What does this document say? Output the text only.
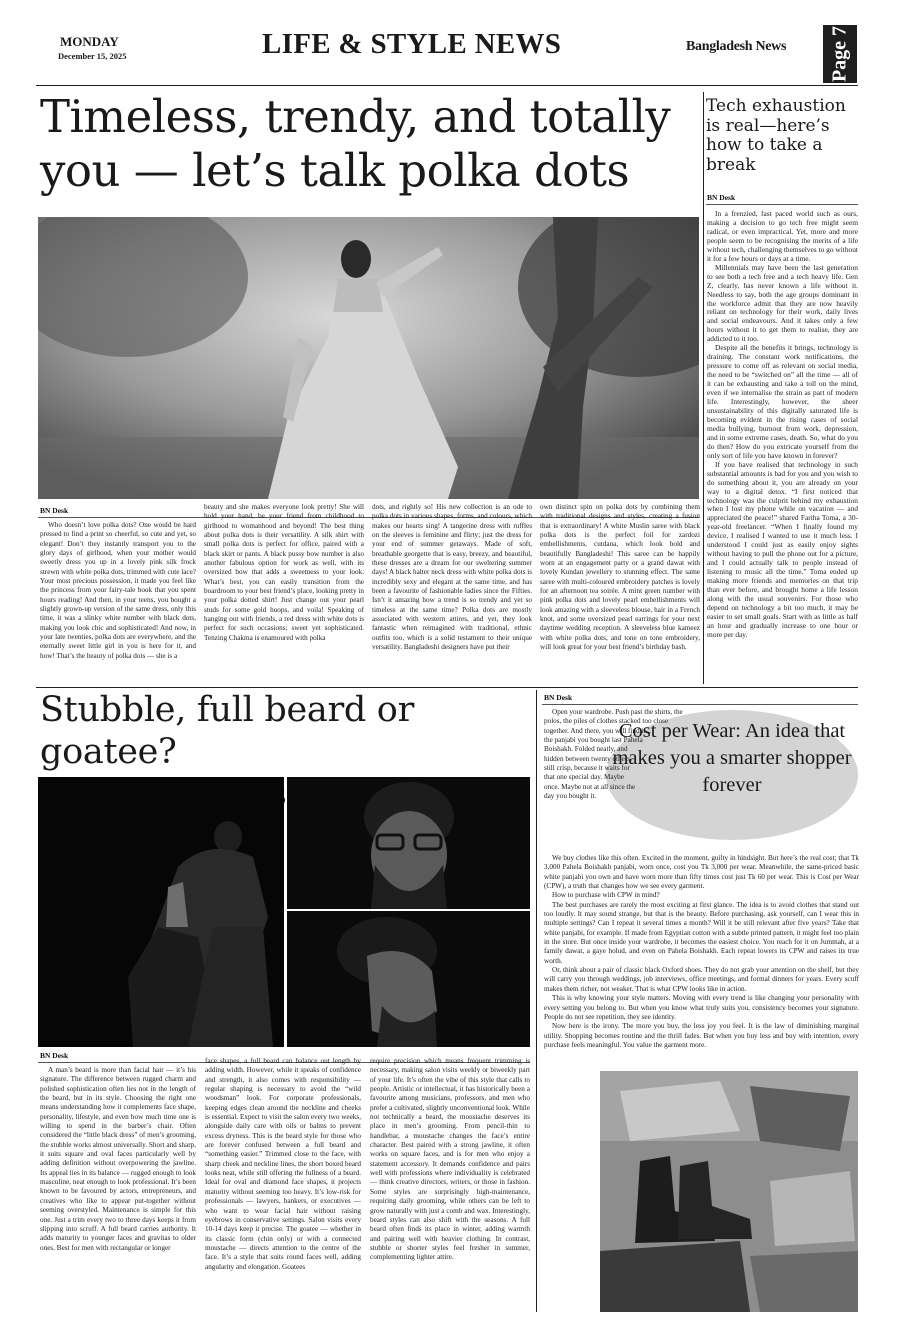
MONDAY
December 15, 2025	LIFE & STYLE NEWS	Bangladesh News Page 7
Timeless, trendy, and totally
you — let’s talk polka dots
BN Desk

Who doesn’t love polka dots? One would be hard pressed to find a print so cheerful, so cute and yet, so elegant! Don’t they instantly transport you to the glory days of girlhood, when your mother would sweetly dress you up in a lovely pink silk frock strewn with white polka dots, trimmed with cute lace? Your most precious possession, it made you feel like the princess from your fairy-tale book that you spent hours reading! And then, in your teens, you bought a slightly grown-up version of the same dress, only this time, it was a slinky white number with black dots, making you look chic and sophisticated! And now, in your late twenties, polka dots are everywhere, and the eternally sweet little girl in you is here for it, and how! That’s the beauty of polka dots — she is a

beauty and she makes everyone look pretty! She will hold your hand, be your friend from childhood to girlhood to womanhood and beyond! The best thing about polka dots is their versatility. A silk shirt with small polka dots is perfect for office, paired with a black skirt or pants. A black pussy bow number is also another fabulous option for work as well, with its oversized bow that adds a sweetness to your look. What’s best, you can easily transition from the boardroom to your best friend’s place, looking pretty in your polka dotted shirt! Just change out your pearl studs for some gold hoops, and voila! Speaking of hanging out with friends, a red dress with white dots is perfect for such occasions; sweet yet sophisticated. Tenzing Chakma is enamoured with polka

dots, and rightly so! His new collection is an ode to polka dots in various shapes, forms, and colours, which makes our hearts sing! A tangerine dress with ruffles on the sleeves is feminine and flirty; just the dress for your end of summer getaways. Made of soft, breathable georgette that is easy, breezy, and beautiful, these dresses are a dream for our sweltering summer days! A black halter neck dress with white polka dots is incredibly sexy and elegant at the same time, and has been a favourite of fashionable ladies since the Fifties. Isn’t it amazing how a trend is so trendy and yet so timeless at the same time? Polka dots are mostly associated with western attires, and yet, they look fantastic when reimagined with traditional, ethnic outfits too, which is a solid testament to their unique versatility. Bangladeshi designers have put their

own distinct spin on polka dots by combining them with traditional designs and styles, creating a fusion that is extraordinary! A white Muslin saree with black polka dots is the perfect foil for zardozi embellishments, cutdana, which look bold and beautifully Bangladeshi! This saree can be happily worn at an engagement party or a grand dawat with lovely Kundan jewellery to stunning effect. The same saree with multi-coloured embroidery patches is lovely for an afternoon tea soirée. A mint green number with pink polka dots and lovely pearl embellishments will look amazing with a sleeveless blouse, hair in a French knot, and some oversized pearl earrings for your next daytime wedding reception. A sleeveless blue kameez with white polka dots, and tone on tone embroidery, will look great for your best friend’s birthday bash.

Tech exhaustion is real—here’s how to take a break
BN Desk

In a frenzied, fast paced world such as ours, making a decision to go tech free might seem radical, or even impractical. Yet, more and more people seem to be recognising the merits of a life without tech, challenging themselves to go without it for a few hours or days at a time.

Millennials may have been the last generation to see both a tech free and a tech heavy life. Gen Z, clearly, has never known a life without it. Needless to say, both the age groups dominant in the workforce admit that they are now heavily reliant on technology for their work, daily lives and social endeavours. And it takes only a few hours without it to get them to realise, they are addicted to it too.

Despite all the benefits it brings, technology is draining. The constant work notifications, the pressure to come off as relevant on social media, the need to be “switched on” all the time — all of it can be exhausting and take a toll on the mind, even if we internalise the strain as part of modern life. Interestingly, however, the sheer unsustainability of this digitally saturated life is becoming evident in the rising cases of social media bullying, burnout from work, depression, and in some extreme cases, death. So, what do you do then? How do you extricate yourself from the only sort of life you have known in forever?

If you have realised that technology in such substantial amounts is bad for you and you wish to do something about it, you are already on your way to a digital detox. “I first noticed that technology was the culprit behind my exhaustion when I lost my phone while on vacation — and appreciated the peace!” shared Fariha Toma, a 30-year-old freelancer. “When I finally found my device, I realised I wanted to use it much less. I understood I could just as easily enjoy sights without having to pull the phone out for a picture, and I could actually talk to people instead of listening to music all the time.” Toma ended up making more friends and memories on that trip than ever before, and brought home a life lesson along with the usual souvenirs. For those who depend on technology a bit too much, it may be easier to set small goals. Start with as little as half an hour and gradually increase to one hour or more per day.

Stubble, full beard or goatee?
BN Desk

A man’s beard is more than facial hair — it’s his signature. The difference between rugged charm and polished sophistication often lies not in the length of the beard, but in its style. Choosing the right one means understanding how it complements face shape, personality, lifestyle, and even how much time one is willing to spend in the barber’s chair. Often considered the “little black dress” of men’s grooming, the stubble works almost universally. Short and sharp, it suits square and oval faces particularly well by adding definition without overpowering the jawline. Its appeal lies in its balance — rugged enough to look masculine, neat enough to look professional. It’s been known to be favoured by actors, entrepreneurs, and creatives who like to appear put-together without seeming overstyled. Maintenance is simple for this one. Just a trim every two to three days keeps it from slipping into scruff. A full beard carries authority. It adds maturity to younger faces and gravitas to older ones. Best for men with rectangular or longer

face shapes, a full beard can balance out length by adding width. However, while it speaks of confidence and strength, it also comes with responsibility — regular shaping is necessary to avoid the “wild woodsman” look. For corporate professionals, keeping edges clean around the neckline and cheeks is essential. Expect to visit the salon every two weeks, alongside daily care with oils or balms to prevent excess dryness. This is the beard style for those who are forever confused between a full beard and “something easier.” Trimmed close to the face, with sharp cheek and neckline lines, the short boxed beard looks neat, while still offering the fullness of a beard. Ideal for oval and diamond face shapes, it projects maturity without seeming too heavy. It’s low-risk for professionals — lawyers, bankers, or executives — who want to wear facial hair without raising eyebrows in conservative settings. Salon visits every 10-14 days keep it precise. The goatee — whether in its classic form (chin only) or with a connected moustache — directs attention to the centre of the face. It’s a style that suits round faces well, adding angularity and elongation. Goatees

require precision which means frequent trimming is necessary, making salon visits weekly or biweekly part of your life. It’s often the vibe of this style that calls to people. Artistic or intellectual, it has historically been a favourite among musicians, professors, and men who prefer a cultivated, slightly unconventional look. While not technically a beard, the moustache deserves its place in men’s grooming. From pencil-thin to handlebar, a moustache changes the face’s entire character. Best paired with a strong jawline, it often works on square faces, and is for men who enjoy a statement accessory. It demands confidence and pairs well with professions where individuality is celebrated — think creative directors, writers, or those in fashion. Some styles are surprisingly high-maintenance, requiring daily grooming, while others can be left to grow naturally with just a comb and wax. Interestingly, beard styles can also shift with the seasons. A full beard often finds its place in winter, adding warmth and pairing well with heavier clothing. In contrast, stubble or shorter styles feel fresher in summer, complementing lighter attire.

BN Desk
Cost per Wear: An idea that makes you a smarter shopper forever

Open your wardrobe. Push past the shirts, the polos, the piles of clothes stacked too close together. And there, you will find it... the panjabi you bought last Pahela Boishakh. Folded neatly, and hidden between twenty others, still crisp, because it waits for that one special day. Maybe once. Maybe not at all since the day you bought it.

We buy clothes like this often. Excited in the moment, guilty in hindsight. But here’s the real cost; that Tk 3,000 Pahela Boishakh panjabi, worn once, cost you Tk 3,000 per wear. Meanwhile, the same-priced basic white panjabi you own and have worn more than fifty times cost just Tk 60 per wear. This is Cost per Wear (CPW), a truth that changes how we see every garment.

How to purchase with CPW in mind?

The best purchases are rarely the most exciting at first glance. The idea is to avoid clothes that stand out too loudly. It may sound strange, but that is the beauty. Before purchasing, ask yourself, can I wear this in multiple settings? Can I repeat it several times a month? Will it be still relevant after five years? Take that white panjabi, for example. If made from Egyptian cotton with a subtle printed pattern, it might feel too plain in the store. But once inside your wardrobe, it becomes the easiest choice. You reach for it on Jummah, at a family dawat, a gaye holud, and even on Pahela Boishakh. Each repeat lowers its CPW and raises its true worth.

Or, think about a pair of classic black Oxford shoes. They do not grab your attention on the shelf, but they will carry you through weddings, job interviews, office meetings, and formal dinners for years. Every scuff makes them richer, not weaker. That is what CPW looks like in action.

This is why knowing your style matters. Moving with every trend is like changing your personality with every setting you belong to. But when you know what truly suits you, consistency becomes your signature. People do not see repetition, they see identity.

Now here is the irony. The more you buy, the less joy you feel. It is the law of diminishing marginal utility. Shopping becomes routine and the thrill fades. But when you buy less and buy with intention, every purchase feels meaningful. You value the garment more.
